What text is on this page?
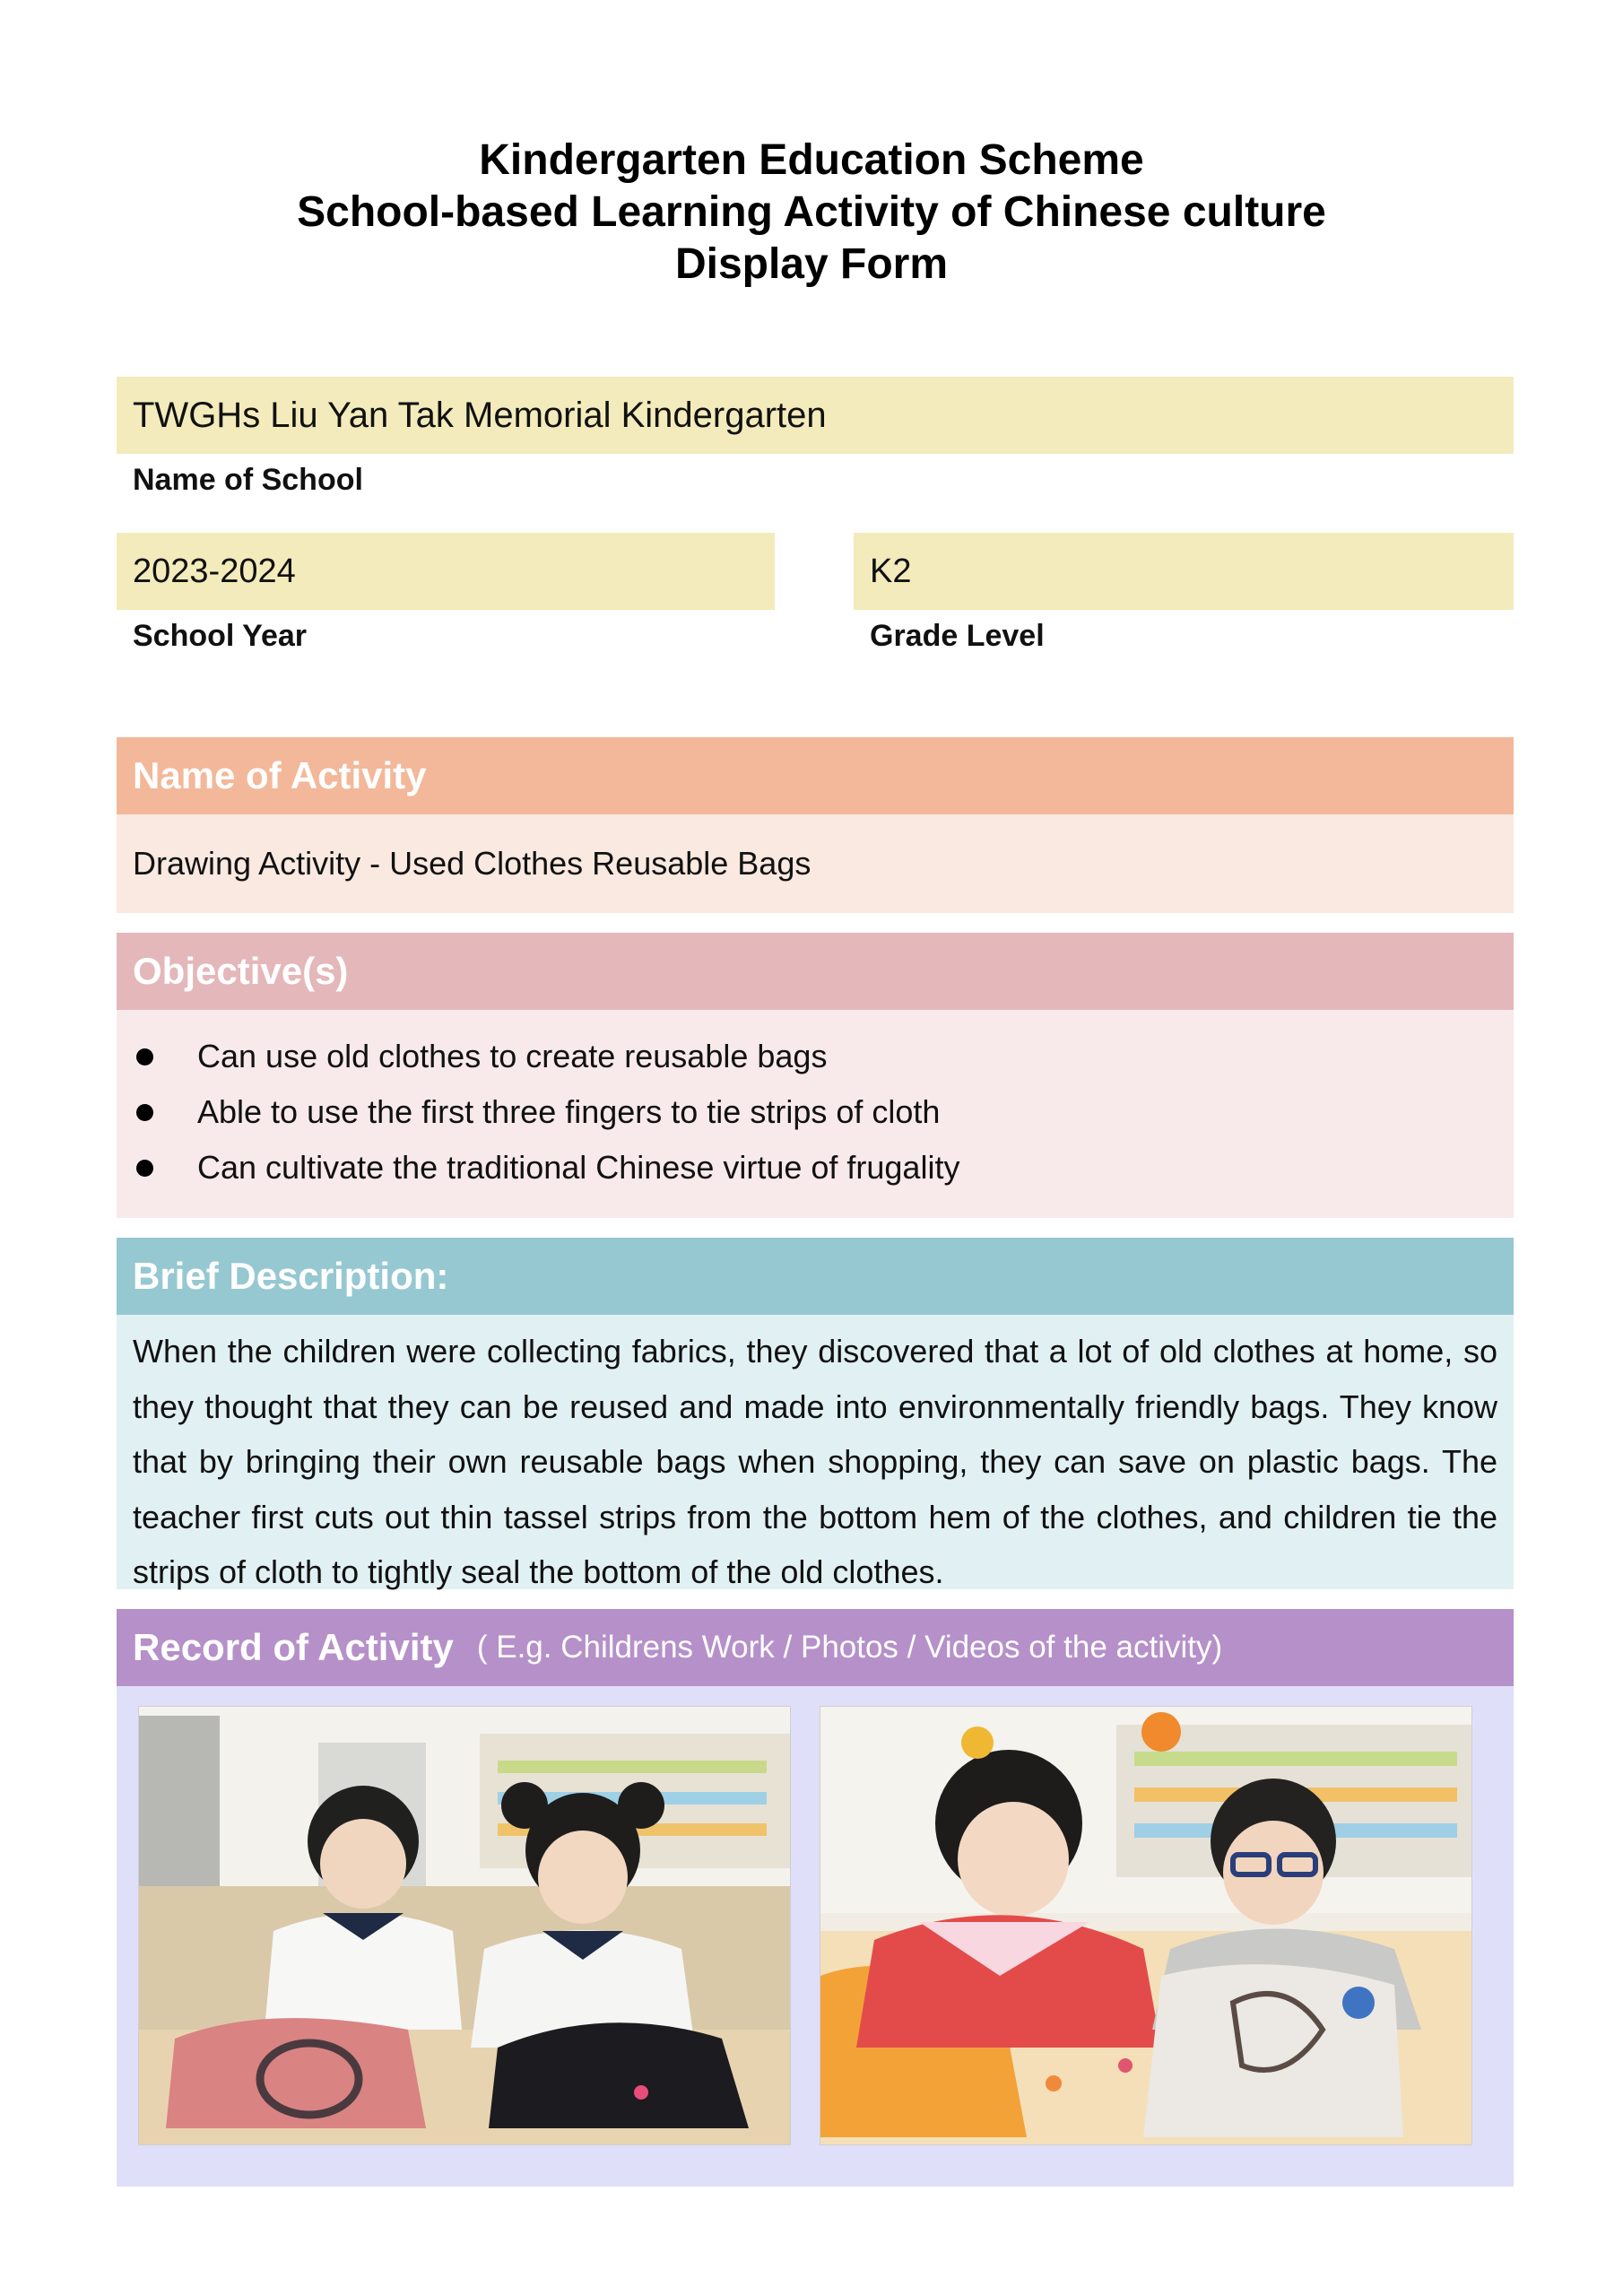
Kindergarten Education Scheme
School-based Learning Activity of Chinese culture
Display Form
TWGHs Liu Yan Tak Memorial Kindergarten
Name of School
2023-2024
School Year
K2
Grade Level
Name of Activity
Drawing Activity - Used Clothes Reusable Bags
Objective(s)
Can use old clothes to create reusable bags
Able to use the first three fingers to tie strips of cloth
Can cultivate the traditional Chinese virtue of frugality
Brief Description:

When the children were collecting fabrics, they discovered that a lot of old clothes at home, so they thought that they can be reused and made into environmentally friendly bags. They know that by bringing their own reusable bags when shopping, they can save on plastic bags. The teacher first cuts out thin tassel strips from the bottom hem of the clothes, and children tie the strips of cloth to tightly seal the bottom of the old clothes.

Record of Activity ( E.g. Childrens Work / Photos / Videos of the activity)
